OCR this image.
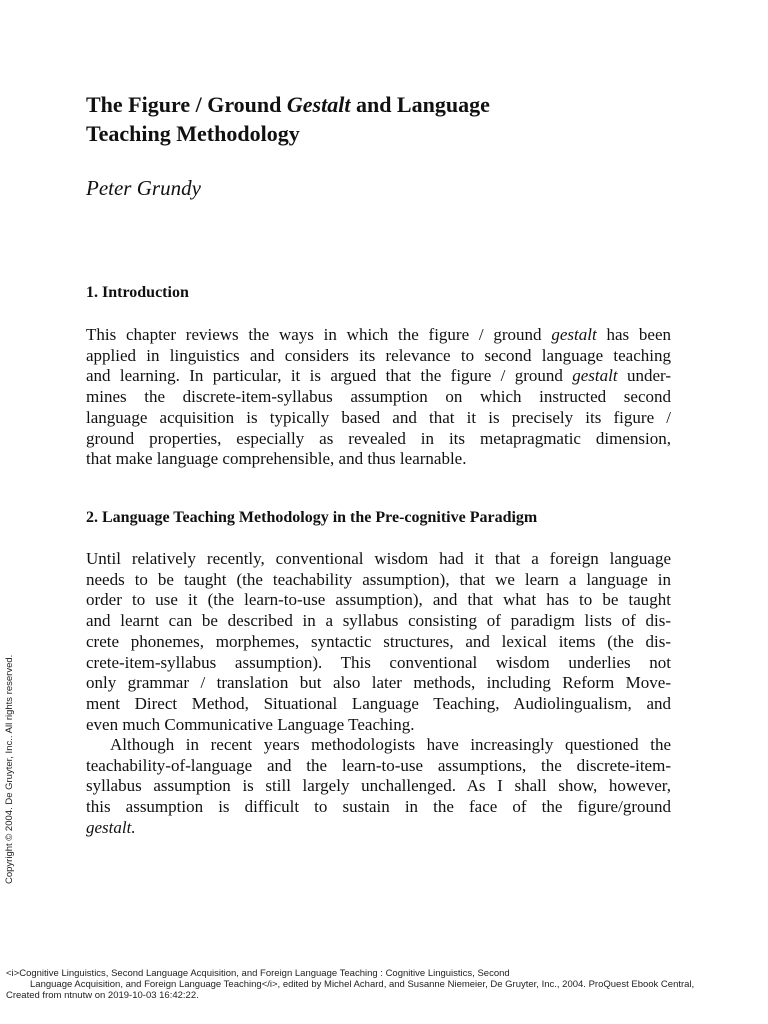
The Figure / Ground Gestalt and Language
Teaching Methodology

Peter Grundy

1. Introduction
This chapter reviews the ways in which the figure / ground gestalt has been
applied in linguistics and considers its relevance to second language teaching
and learning. In particular, it is argued that the figure / ground gestalt under-
mines the discrete-item-syllabus assumption on which instructed second
language acquisition is typically based and that it is precisely its figure /
ground properties, especially as revealed in its metapragmatic dimension,
that make language comprehensible, and thus learnable.
2. Language Teaching Methodology in the Pre-cognitive Paradigm
Until relatively recently, conventional wisdom had it that a foreign language
needs to be taught (the teachability assumption), that we learn a language in
order to use it (the learn-to-use assumption), and that what has to be taught
and learnt can be described in a syllabus consisting of paradigm lists of dis-
crete phonemes, morphemes, syntactic structures, and lexical items (the dis-
crete-item-syllabus assumption). This conventional wisdom underlies not
only grammar / translation but also later methods, including Reform Move-
ment Direct Method, Situational Language Teaching, Audiolingualism, and
even much Communicative Language Teaching.
Although in recent years methodologists have increasingly questioned the
teachability-of-language and the learn-to-use assumptions, the discrete-item-
syllabus assumption is still largely unchallenged. As I shall show, however,
this assumption is difficult to sustain in the face of the figure/ground
gestalt.
Copyright © 2004. De Gruyter, Inc.. All rights reserved.
<i>Cognitive Linguistics, Second Language Acquisition, and Foreign Language Teaching : Cognitive Linguistics, Second
Language Acquisition, and Foreign Language Teaching</i>, edited by Michel Achard, and Susanne Niemeier, De Gruyter, Inc., 2004. ProQuest Ebook Central,
Created from ntnutw on 2019-10-03 16:42:22.
